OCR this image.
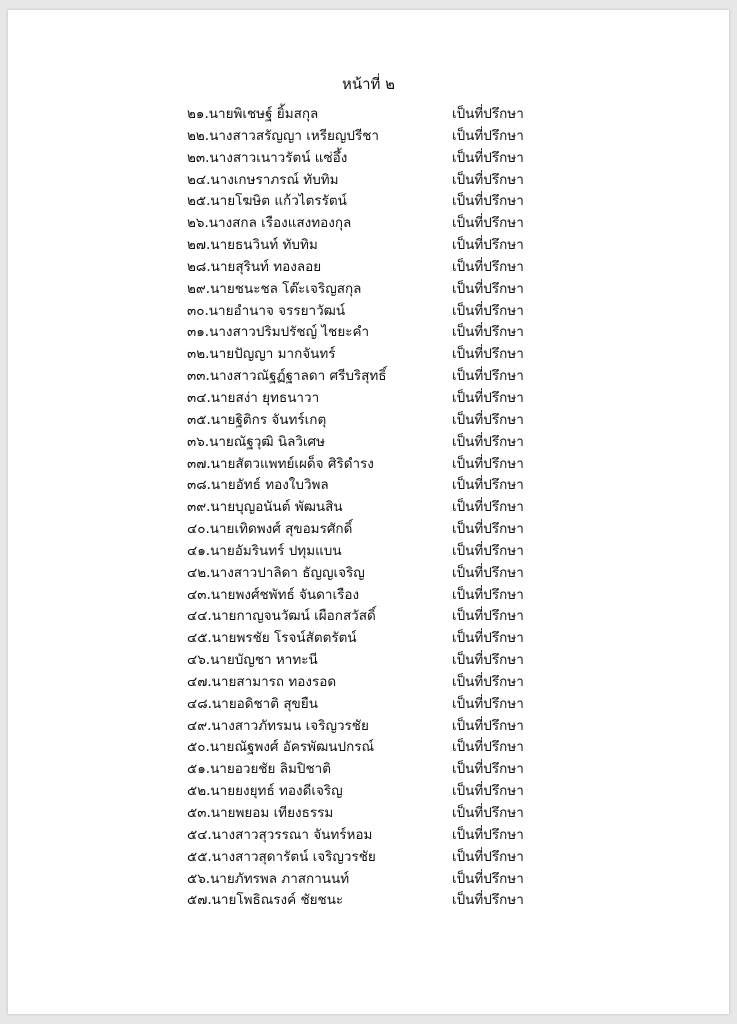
หน้าที่ ๒
๒๑.นายพิเชษฐ์ ยิ้มสกุล	เป็นที่ปรึกษา
๒๒.นางสาวสรัญญา เหรียญปรีชา	เป็นที่ปรึกษา
๒๓.นางสาวเนาวรัตน์ แซ่อึ้ง	เป็นที่ปรึกษา
๒๔.นางเกษราภรณ์ ทับทิม	เป็นที่ปรึกษา
๒๕.นายโฆษิต แก้วไตรรัตน์	เป็นที่ปรึกษา
๒๖.นางสกล เรืองแสงทองกุล	เป็นที่ปรึกษา
๒๗.นายธนวินท์ ทับทิม	เป็นที่ปรึกษา
๒๘.นายสุรินท์ ทองลอย	เป็นที่ปรึกษา
๒๙.นายชนะชล โต๊ะเจริญสกุล	เป็นที่ปรึกษา
๓๐.นายอำนาจ จรรยาวัฒน์	เป็นที่ปรึกษา
๓๑.นางสาวปริมปรัชญ์ ไชยะคำ	เป็นที่ปรึกษา
๓๒.นายปัญญา มากจันทร์	เป็นที่ปรึกษา
๓๓.นางสาวณัฐฏ์ฐาลดา ศรีบริสุทธิ์	เป็นที่ปรึกษา
๓๔.นายสง่า ยุทธนาวา	เป็นที่ปรึกษา
๓๕.นายฐิติกร จันทร์เกตุ	เป็นที่ปรึกษา
๓๖.นายณัฐวุฒิ นิลวิเศษ	เป็นที่ปรึกษา
๓๗.นายสัตวแพทย์เผด็จ ศิริดำรง	เป็นที่ปรึกษา
๓๘.นายอัทธ์ ทองใบวิพล	เป็นที่ปรึกษา
๓๙.นายบุญอนันต์ พัฒนสิน	เป็นที่ปรึกษา
๔๐.นายเทิดพงศ์ สุขอมรศักดิ์	เป็นที่ปรึกษา
๔๑.นายอัมรินทร์ ปทุมแบน	เป็นที่ปรึกษา
๔๒.นางสาวปาลิดา ธัญญเจริญ	เป็นที่ปรึกษา
๔๓.นายพงศ์ชพัทธ์ จันดาเรือง	เป็นที่ปรึกษา
๔๔.นายกาญจนวัฒน์ เผือกสวัสดิ์	เป็นที่ปรึกษา
๔๕.นายพรชัย โรจน์สัตตรัตน์	เป็นที่ปรึกษา
๔๖.นายบัญชา หาทะนี	เป็นที่ปรึกษา
๔๗.นายสามารถ ทองรอด	เป็นที่ปรึกษา
๔๘.นายอดิชาติ สุขยืน	เป็นที่ปรึกษา
๔๙.นางสาวภัทรมน เจริญวรชัย	เป็นที่ปรึกษา
๕๐.นายณัฐพงศ์ อัครพัฒนปกรณ์	เป็นที่ปรึกษา
๕๑.นายอวยชัย ลิมปิชาติ	เป็นที่ปรึกษา
๕๒.นายยงยุทธ์ ทองดีเจริญ	เป็นที่ปรึกษา
๕๓.นายพยอม เทียงธรรม	เป็นที่ปรึกษา
๕๔.นางสาวสุวรรณา จันทร์หอม	เป็นที่ปรึกษา
๕๕.นางสาวสุดารัตน์ เจริญวรชัย	เป็นที่ปรึกษา
๕๖.นายภัทรพล ภาสกานนท์	เป็นที่ปรึกษา
๕๗.นายโพธิณรงค์ ชัยชนะ	เป็นที่ปรึกษา
